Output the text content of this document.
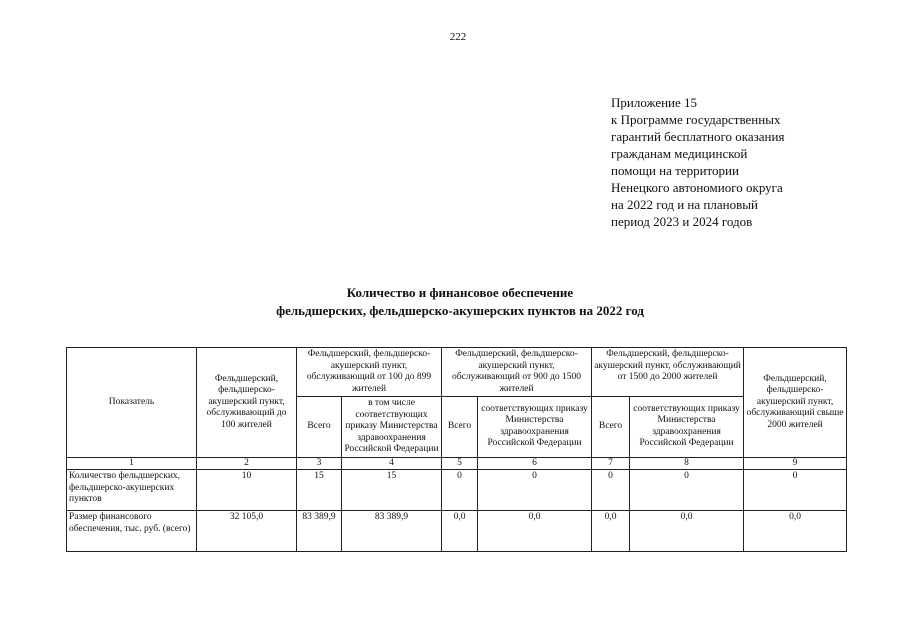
222
Приложение 15
к Программе государственных
гарантий бесплатного оказания
гражданам медицинской
помощи на территории
Ненецкого автономиого округа
на 2022 год и на плановый
период 2023 и 2024 годов
Количество и финансовое обеспечение
фельдшерских, фельдшерско-акушерских пунктов на 2022 год
Показатель	Фельдшерский, фельдшерско-акушерский пункт, обслуживающий до 100 жителей	Фельдшерский, фельдшерско-акушерский пункт, обслуживающий от 100 до 899 жителей		Фельдшерский, фельдшерско-акушерский пункт, обслуживающий от 900 до 1500 жителей		Фельдшерский, фельдшерско-акушерский пункт, обслуживающий от 1500 до 2000 жителей		Фельдшерский, фельдшерско-акушерский пункт, обслуживающий свыше 2000 жителей
		Всего	в том числе соответствующих приказу Министерства здравоохранения Российской Федерации	Всего	соответствующих приказу Министерства здравоохранения Российской Федерации	Всего	соответствующих приказу Министерства здравоохранения Российской Федерации	
1	2	3	4	5	6	7	8	9
Количество фельдшерских, фельдшерско-акушерских пунктов	10	15	15	0	0	0	0	0
Размер финансового обеспечения, тыс. руб. (всего)	32 105,0	83 389,9	83 389,9	0,0	0,0	0,0	0,0	0,0
